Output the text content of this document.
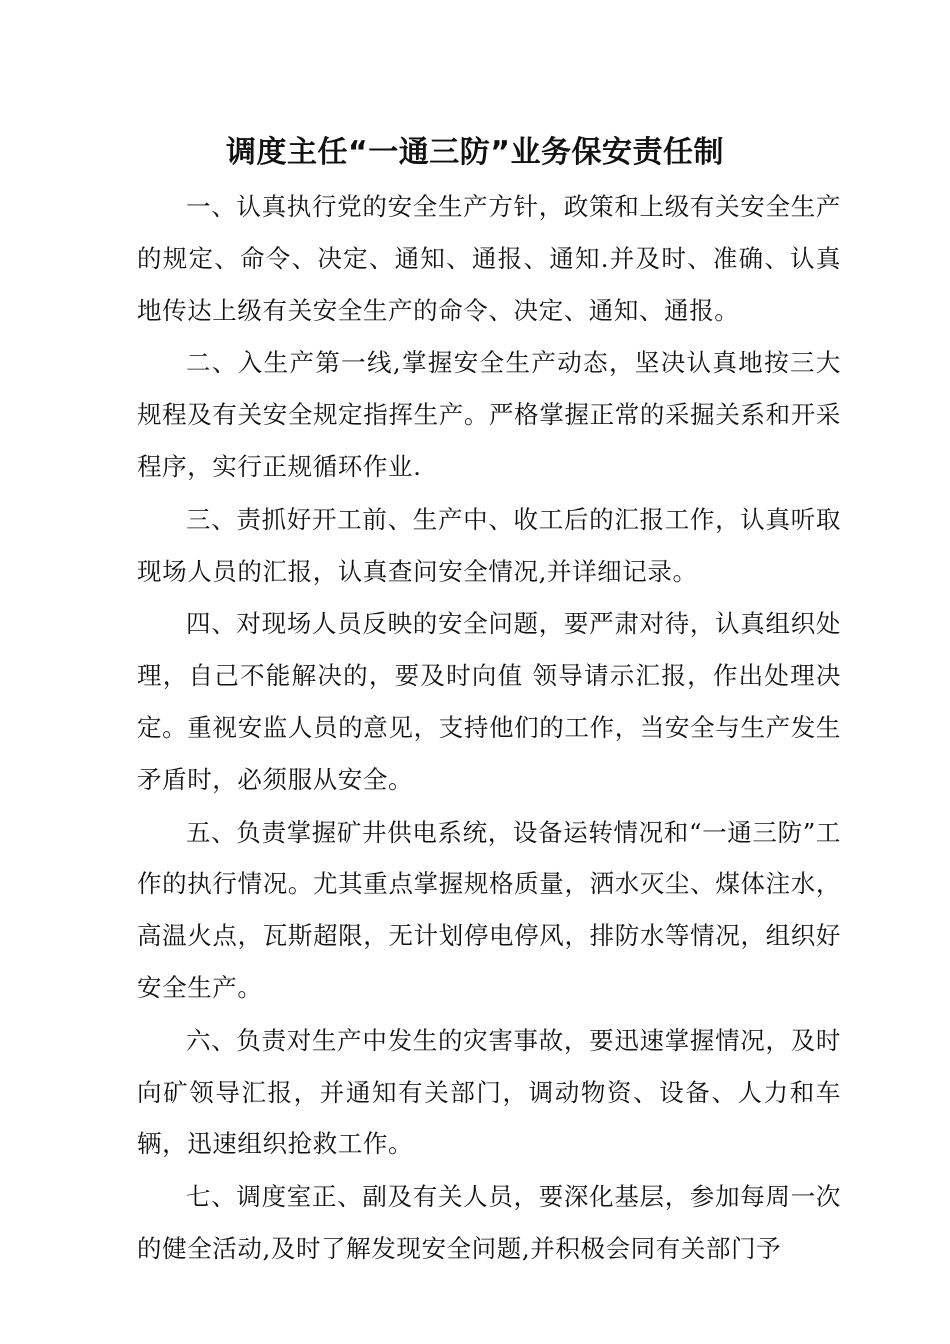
调度主任“一通三防”业务保安责任制

一、认真执行党的安全生产方针，政策和上级有关安全生产的规定、命令、决定、通知、通报、通知.并及时、准确、认真地传达上级有关安全生产的命令、决定、通知、通报。

二、入生产第一线,掌握安全生产动态，坚决认真地按三大规程及有关安全规定指挥生产。严格掌握正常的采掘关系和开采程序，实行正规循环作业.

三、责抓好开工前、生产中、收工后的汇报工作，认真听取现场人员的汇报，认真查问安全情况,并详细记录。

四、对现场人员反映的安全问题，要严肃对待，认真组织处理，自己不能解决的，要及时向值 领导请示汇报，作出处理决定。重视安监人员的意见，支持他们的工作，当安全与生产发生矛盾时，必须服从安全。

五、负责掌握矿井供电系统，设备运转情况和“一通三防”工作的执行情况。尤其重点掌握规格质量，洒水灭尘、煤体注水，高温火点，瓦斯超限，无计划停电停风，排防水等情况，组织好安全生产。

六、负责对生产中发生的灾害事故，要迅速掌握情况，及时向矿领导汇报，并通知有关部门，调动物资、设备、人力和车辆，迅速组织抢救工作。

七、调度室正、副及有关人员，要深化基层，参加每周一次的健全活动,及时了解发现安全问题,并积极会同有关部门予
